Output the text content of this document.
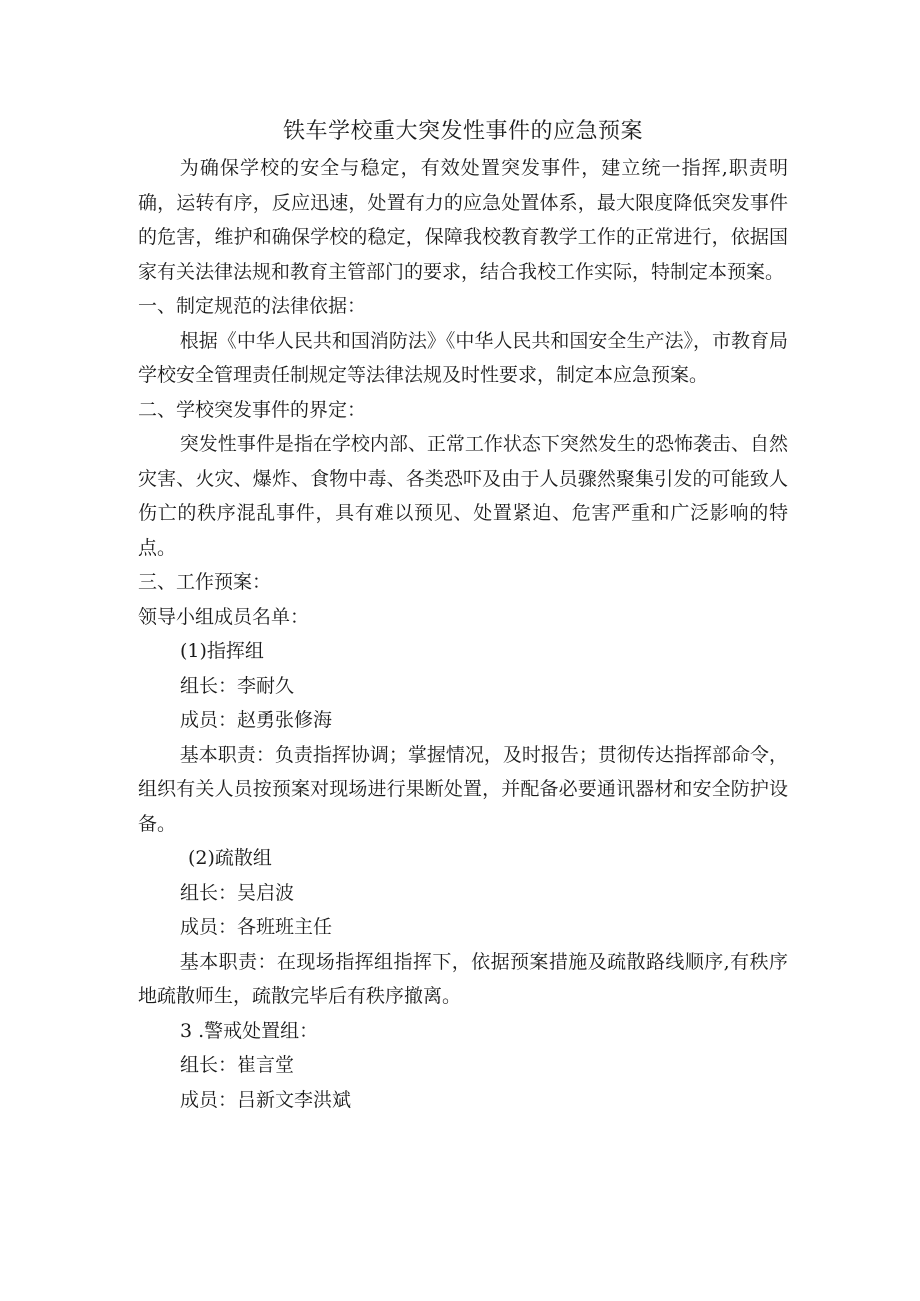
铁车学校重大突发性事件的应急预案

为确保学校的安全与稳定，有效处置突发事件，建立统一指挥,职责明确，运转有序，反应迅速，处置有力的应急处置体系，最大限度降低突发事件的危害，维护和确保学校的稳定，保障我校教育教学工作的正常进行，依据国家有关法律法规和教育主管部门的要求，结合我校工作实际，特制定本预案。

一、制定规范的法律依据：

根据《中华人民共和国消防法》《中华人民共和国安全生产法》，市教育局学校安全管理责任制规定等法律法规及时性要求，制定本应急预案。

二、学校突发事件的界定：

突发性事件是指在学校内部、正常工作状态下突然发生的恐怖袭击、自然灾害、火灾、爆炸、食物中毒、各类恐吓及由于人员骤然聚集引发的可能致人伤亡的秩序混乱事件，具有难以预见、处置紧迫、危害严重和广泛影响的特点。

三、工作预案：

领导小组成员名单：

(1)指挥组

组长：李耐久

成员：赵勇张修海

基本职责：负责指挥协调；掌握情况，及时报告；贯彻传达指挥部命令，组织有关人员按预案对现场进行果断处置，并配备必要通讯器材和安全防护设备。

(2)疏散组

组长：吴启波

成员：各班班主任

基本职责：在现场指挥组指挥下，依据预案措施及疏散路线顺序,有秩序地疏散师生，疏散完毕后有秩序撤离。

3 .警戒处置组：

组长：崔言堂

成员：吕新文李洪斌
